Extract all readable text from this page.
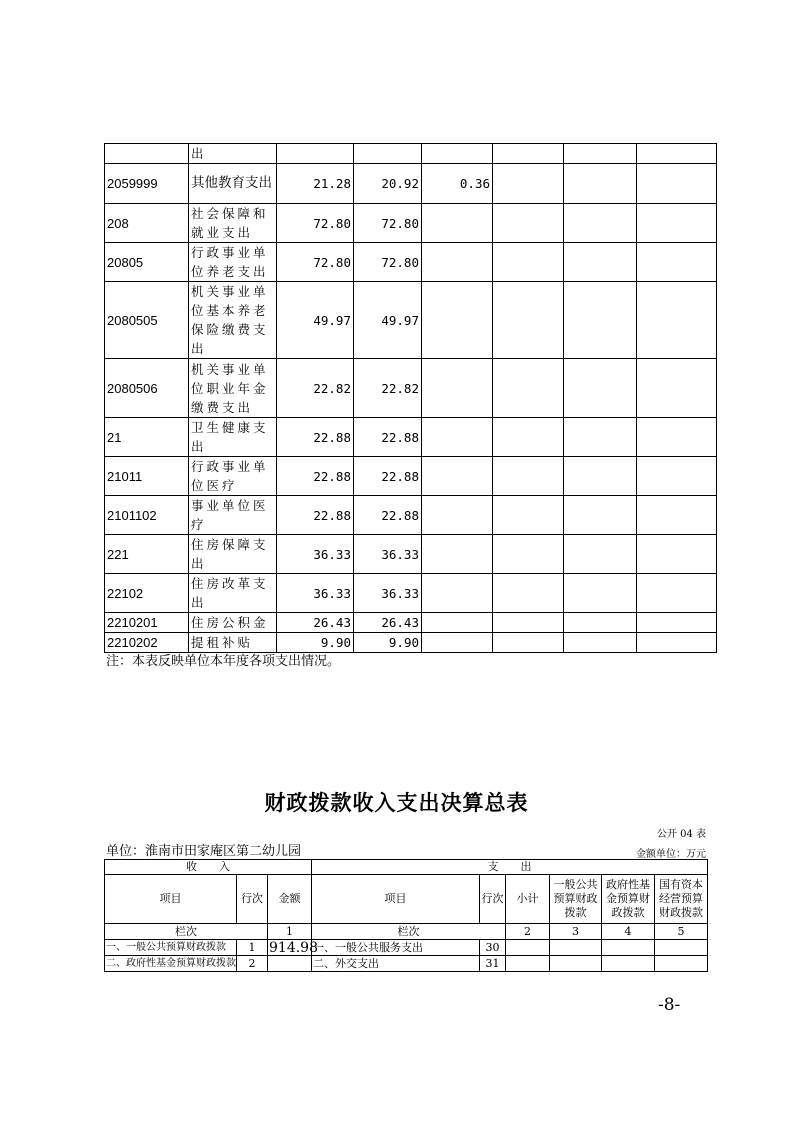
	出						
2059999	其他教育支出	21.28	20.92	0.36			
208	社会保障和就业支出	72.80	72.80				
20805	行政事业单位养老支出	72.80	72.80				
2080505	机关事业单位基本养老保险缴费支出	49.97	49.97				
2080506	机关事业单位职业年金缴费支出	22.82	22.82				
21	卫生健康支出	22.88	22.88				
21011	行政事业单位医疗	22.88	22.88				
2101102	事业单位医疗	22.88	22.88				
221	住房保障支出	36.33	36.33				
22102	住房改革支出	36.33	36.33				
2210201	住房公积金	26.43	26.43				
2210202	提租补贴	9.90	9.90				
注：本表反映单位本年度各项支出情况。
财政拨款收入支出决算总表
公开 04 表
单位：淮南市田家庵区第二幼儿园	金额单位：万元
收　　入			支　　出					
项目	行次	金额	项目	行次	小计	一般公共预算财政拨款	政府性基金预算财政拨款	国有资本经营预算财政拨款
栏次		1	栏次		2	3	4	5
一、一般公共预算财政拨款	1	914.98	一、一般公共服务支出	30				
二、政府性基金预算财政拨款	2		二、外交支出	31				
-8-
